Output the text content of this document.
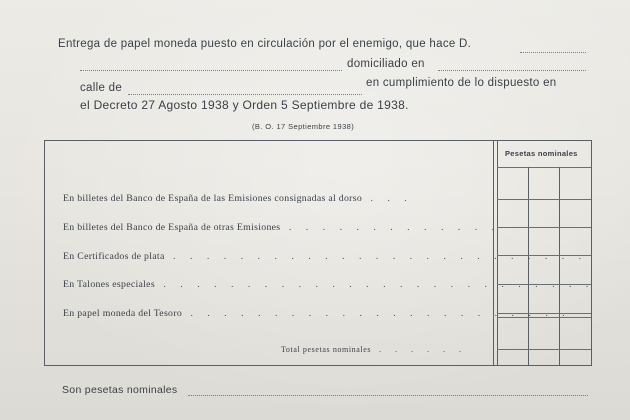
Entrega de papel moneda puesto en circulación por el enemigo, que hace D.
domiciliado en
calle de	en cumplimiento de lo dispuesto en
el Decreto 27 Agosto 1938 y Orden 5 Septiembre de 1938.
(B. O. 17 Septiembre 1938)
Pesetas nominales
En billetes del Banco de España de las Emisiones consignadas al dorso . . .
En billetes del Banco de España de otras Emisiones . . . . . . . . . . . . .
En Certificados de plata . . . . . . . . . . . . . . . . . . . . . . . . .
En Talones especiales . . . . . . . . . . . . . . . . . . . . . . . . . .
En papel moneda del Tesoro . . . . . . . . . . . . . . . . . . . . . . .
Total pesetas nominales . . . . . .
Son pesetas nominales
